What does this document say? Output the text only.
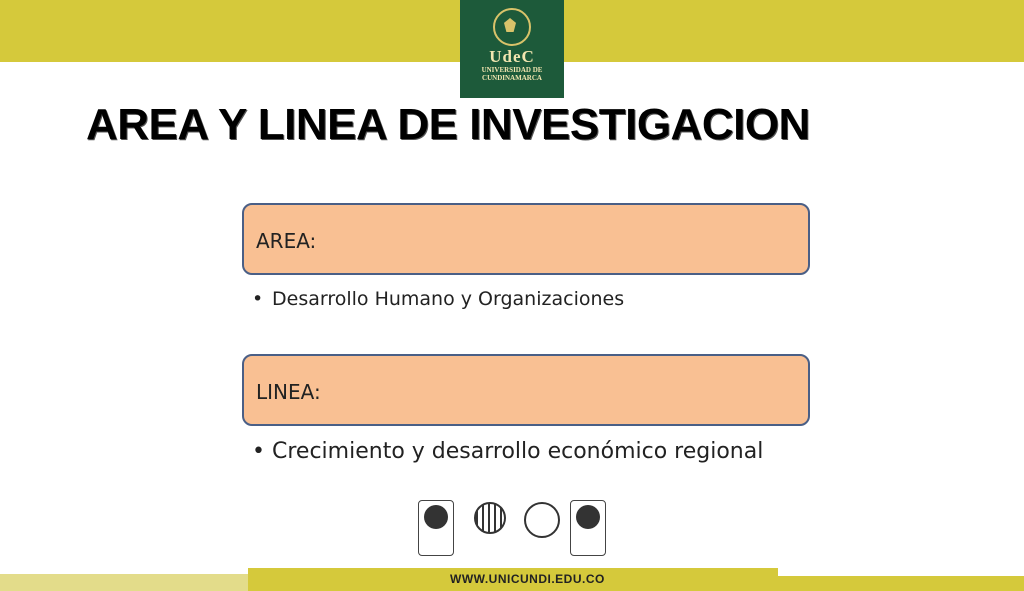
UdeC
UNIVERSIDAD DE
CUNDINAMARCA
AREA Y LINEA DE INVESTIGACION
AREA:
• Desarrollo Humano y Organizaciones
LINEA:
• Crecimiento y desarrollo económico regional
WWW.UNICUNDI.EDU.CO
